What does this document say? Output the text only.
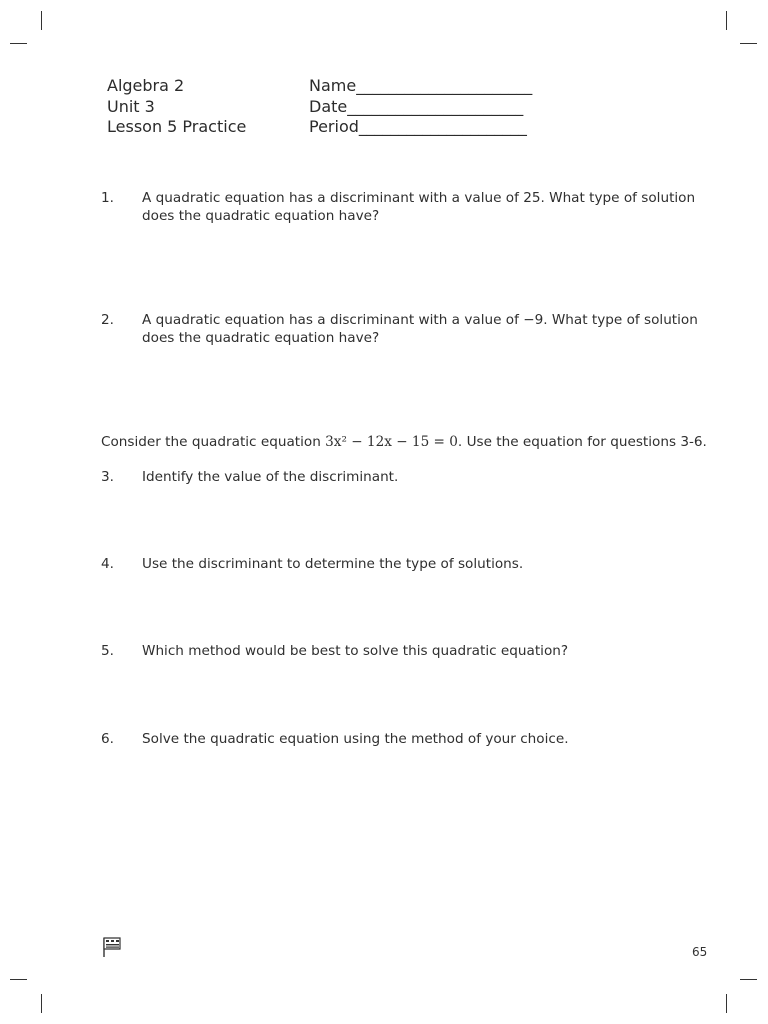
Algebra 2
Unit 3
Lesson 5 Practice
Name______________________
Date______________________
Period_____________________
1. A quadratic equation has a discriminant with a value of 25. What type of solution does the quadratic equation have?
2. A quadratic equation has a discriminant with a value of −9. What type of solution does the quadratic equation have?
Consider the quadratic equation 3x² − 12x − 15 = 0. Use the equation for questions 3-6.
3. Identify the value of the discriminant.
4. Use the discriminant to determine the type of solutions.
5. Which method would be best to solve this quadratic equation?
6. Solve the quadratic equation using the method of your choice.
65
